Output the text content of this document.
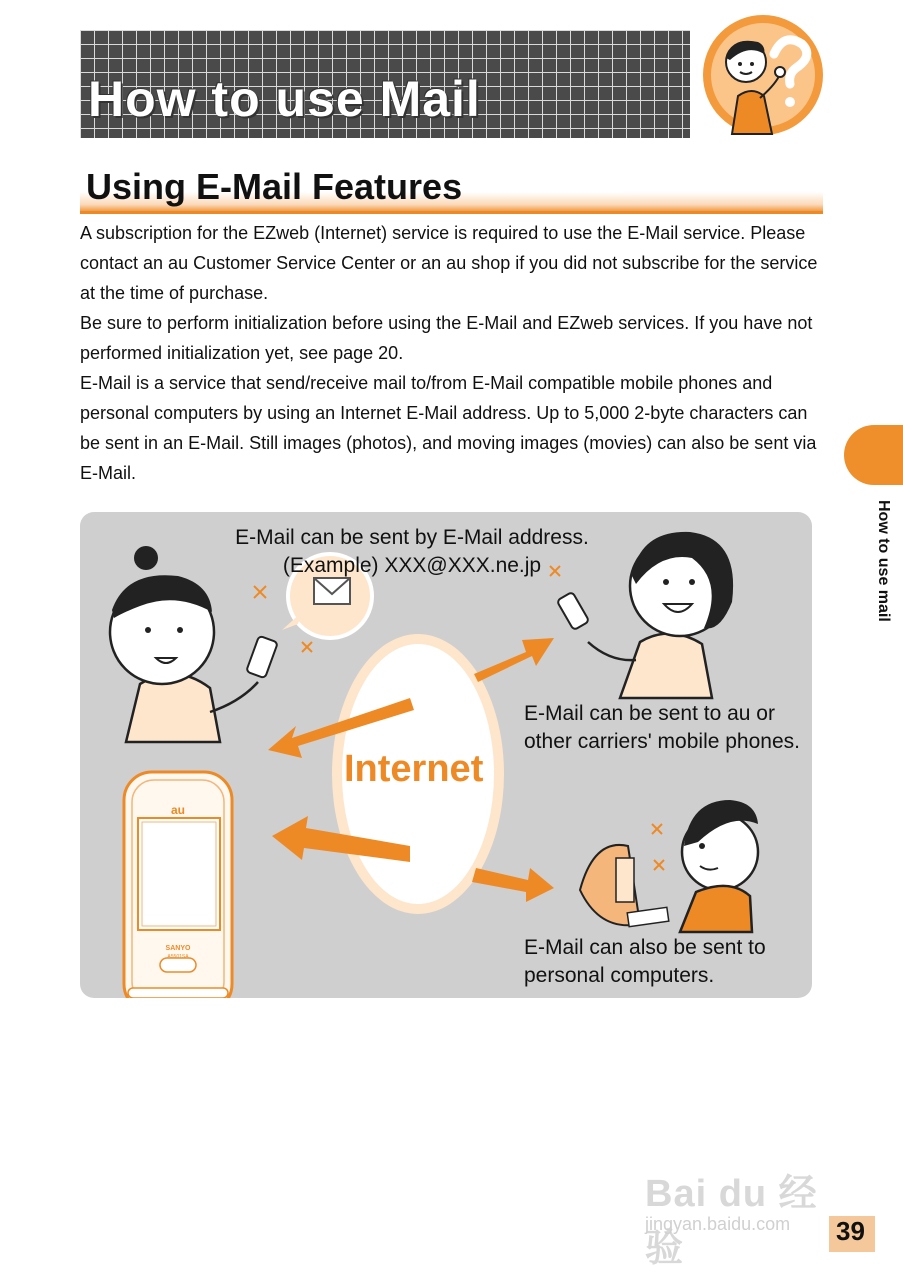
How to use Mail
Using E-Mail Features

A subscription for the EZweb (Internet) service is required to use the E-Mail service. Please contact an au Customer Service Center or an au shop if you did not subscribe for the service at the time of purchase.

Be sure to perform initialization before using the E-Mail and EZweb services. If you have not performed initialization yet, see page 20.

E-Mail is a service that send/receive mail to/from E-Mail compatible mobile phones and personal computers by using an Internet E-Mail address. Up to 5,000 2-byte characters can be sent in an E-Mail. Still images (photos), and moving images (movies) can also be sent via E-Mail.

How to use mail
au
SANYO
A5501SA
E-Mail can be sent by E-Mail address.
(Example) XXX@XXX.ne.jp
Internet
E-Mail can be sent to au or other carriers' mobile phones.
E-Mail can also be sent to personal computers.
Bai du 经验
jingyan.baidu.com 39
